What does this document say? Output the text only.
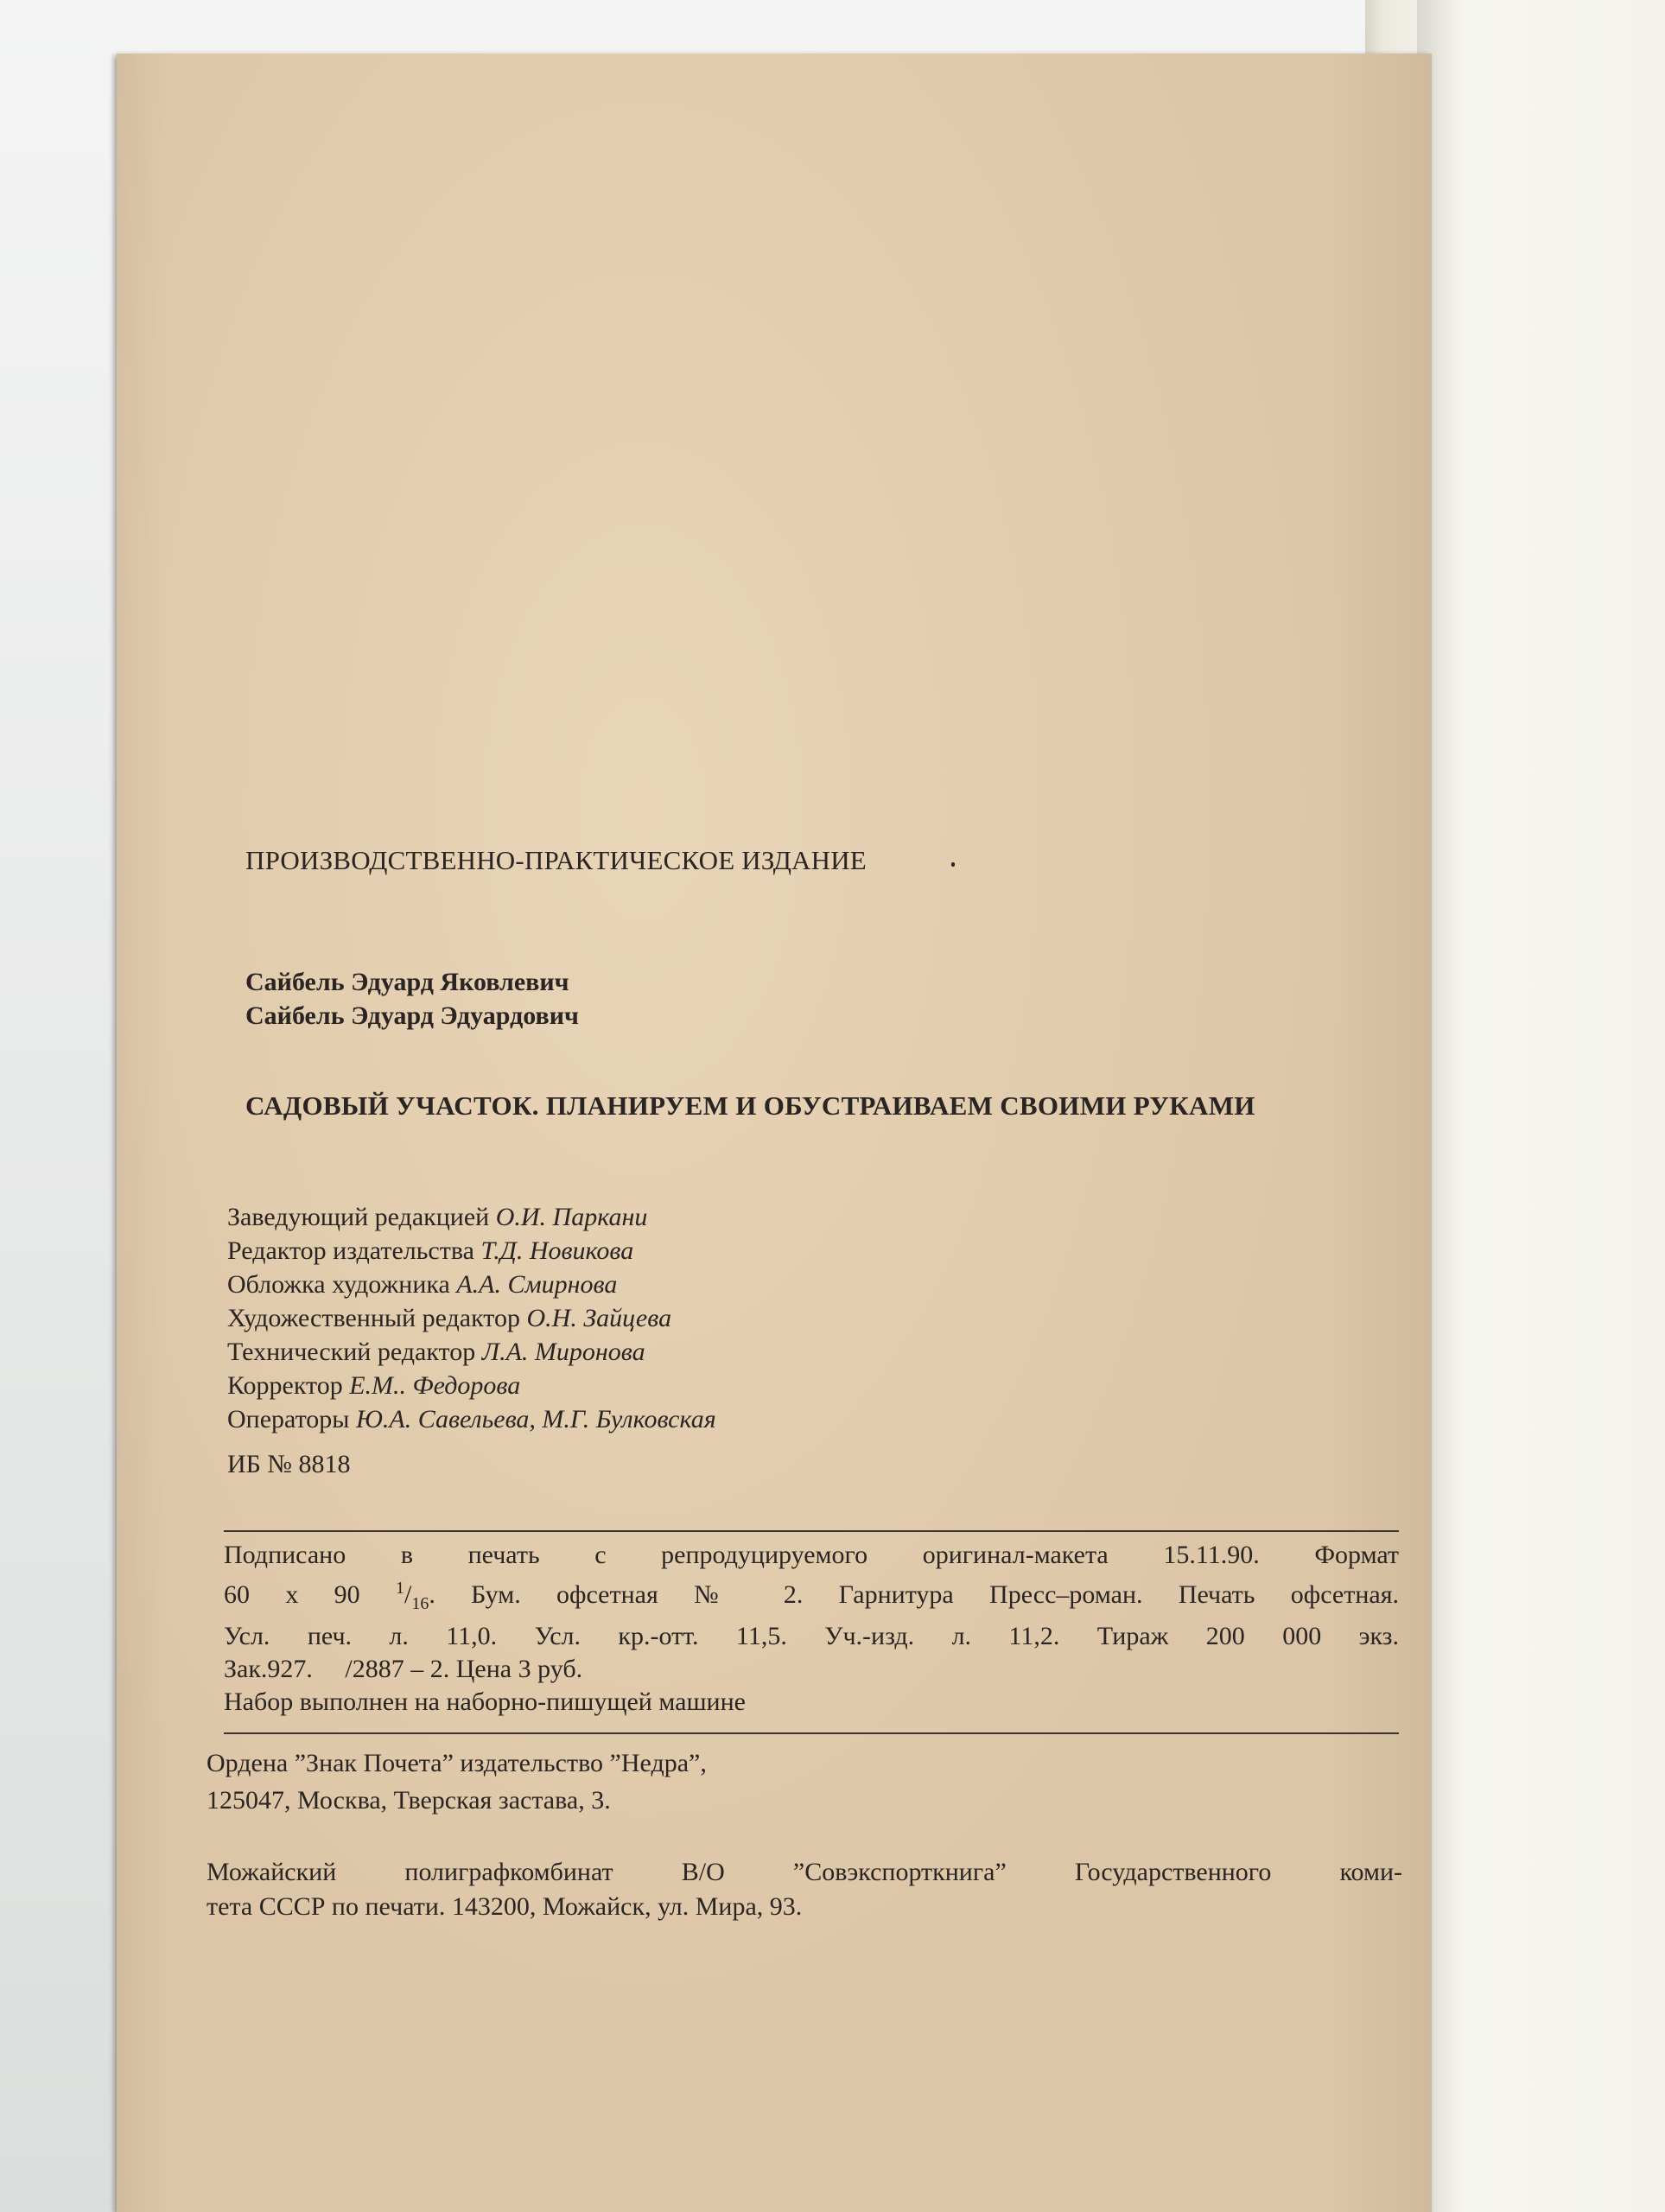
ПРОИЗВОДСТВЕННО-ПРАКТИЧЕСКОЕ ИЗДАНИЕ

Сайбель Эдуард Яковлевич
Сайбель Эдуард Эдуардович

САДОВЫЙ УЧАСТОК. ПЛАНИРУЕМ И ОБУСТРАИВАЕМ СВОИМИ РУКАМИ

Заведующий редакцией О.И. Паркани
Редактор издательства Т.Д. Новикова
Обложка художника А.А. Смирнова
Художественный редактор О.Н. Зайцева
Технический редактор Л.А. Миронова
Корректор Е.М.. Федорова
Операторы Ю.А. Савельева, М.Г. Булковская

ИБ № 8818

Подписано в печать с репродуцируемого оригинал-макета 15.11.90. Формат
60 х 90 $^1/_{16}$. Бум. офсетная № 2. Гарнитура Пресс–роман. Печать офсетная.
Усл. печ. л. 11,0. Усл. кр.-отт. 11,5. Уч.-изд. л. 11,2. Тираж 200 000 экз.
Зак.927.     /2887 – 2. Цена 3 руб.
Набор выполнен на наборно-пишущей машине
Ордена ”Знак Почета” издательство ”Недра”,
125047, Москва, Тверская застава, 3.
Можайский полиграфкомбинат В/О ”Совэкспорткнига” Государственного коми-
тета СССР по печати. 143200, Можайск, ул. Мира, 93.
